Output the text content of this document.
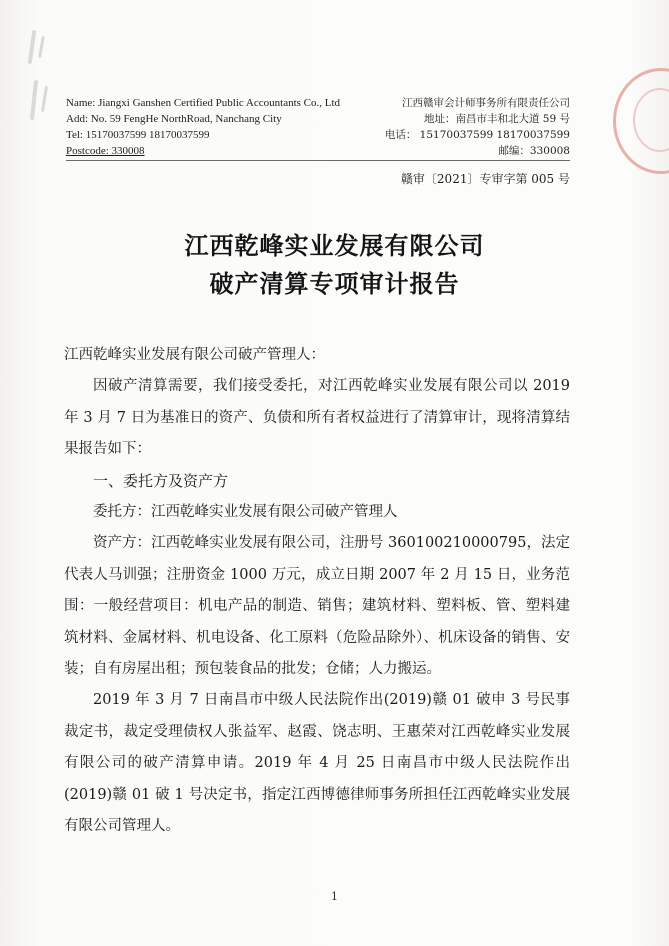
Name: Jiangxi Ganshen Certified Public Accountants Co., Ltd
Add: No. 59 FengHe NorthRoad, Nanchang City
Tel: 15170037599 18170037599
Postcode: 330008
江西赣审会计师事务所有限责任公司
地址：南昌市丰和北大道 59 号
电话： 15170037599 18170037599
邮编：330008
赣审〔2021〕专审字第 005 号
江西乾峰实业发展有限公司
破产清算专项审计报告

江西乾峰实业发展有限公司破产管理人：

因破产清算需要，我们接受委托，对江西乾峰实业发展有限公司以 2019 年 3 月 7 日为基准日的资产、负债和所有者权益进行了清算审计，现将清算结果报告如下：

一、委托方及资产方

委托方：江西乾峰实业发展有限公司破产管理人

资产方：江西乾峰实业发展有限公司，注册号 360100210000795，法定代表人马训强；注册资金 1000 万元，成立日期 2007 年 2 月 15 日，业务范围：一般经营项目：机电产品的制造、销售；建筑材料、塑料板、管、塑料建筑材料、金属材料、机电设备、化工原料（危险品除外）、机床设备的销售、安装；自有房屋出租；预包装食品的批发；仓储；人力搬运。

2019 年 3 月 7 日南昌市中级人民法院作出(2019)赣 01 破申 3 号民事裁定书，裁定受理债权人张益军、赵霞、饶志明、王惠荣对江西乾峰实业发展有限公司的破产清算申请。2019 年 4 月 25 日南昌市中级人民法院作出(2019)赣 01 破 1 号决定书，指定江西博德律师事务所担任江西乾峰实业发展有限公司管理人。

1
